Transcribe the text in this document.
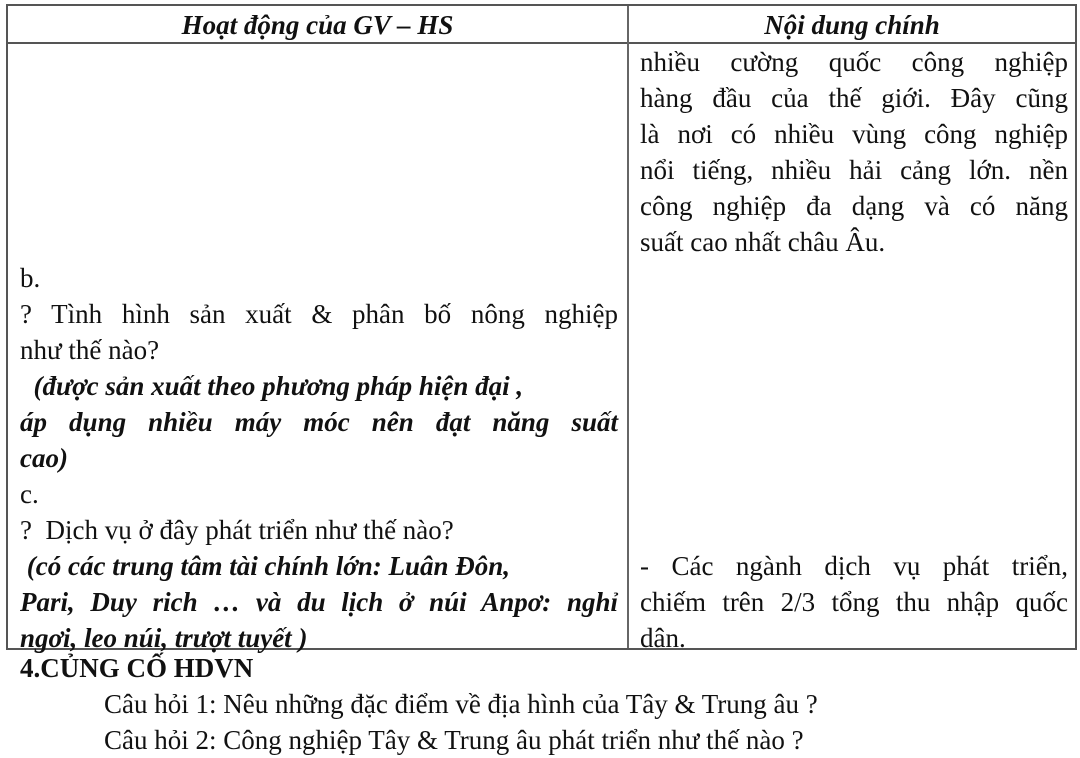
Hoạt động của GV – HS	Nội dung chính
b.
? Tình hình sản xuất & phân bố nông nghiệp
như thế nào?
(được sản xuất theo phương pháp hiện đại ,
áp dụng nhiều máy móc nên đạt năng suất
cao)
c.
?  Dịch vụ ở đây phát triển như thế nào?
(có các trung tâm tài chính lớn: Luân Đôn,
Pari, Duy rich … và du lịch ở núi Anpơ: nghỉ
ngơi, leo núi, trượt tuyết )
nhiều cường quốc công nghiệp
hàng đầu của thế giới. Đây cũng
là nơi có nhiều vùng công nghiệp
nổi tiếng, nhiều hải cảng lớn. nền
công nghiệp đa dạng và có năng
suất cao nhất châu Âu.
- Các ngành dịch vụ phát triển,
chiếm trên 2/3 tổng thu nhập quốc
dân.
4.CỦNG CỐ HDVN
Câu hỏi 1: Nêu những đặc điểm về địa hình của Tây & Trung âu ?
Câu hỏi 2: Công nghiệp Tây & Trung âu phát triển như thế nào ?
